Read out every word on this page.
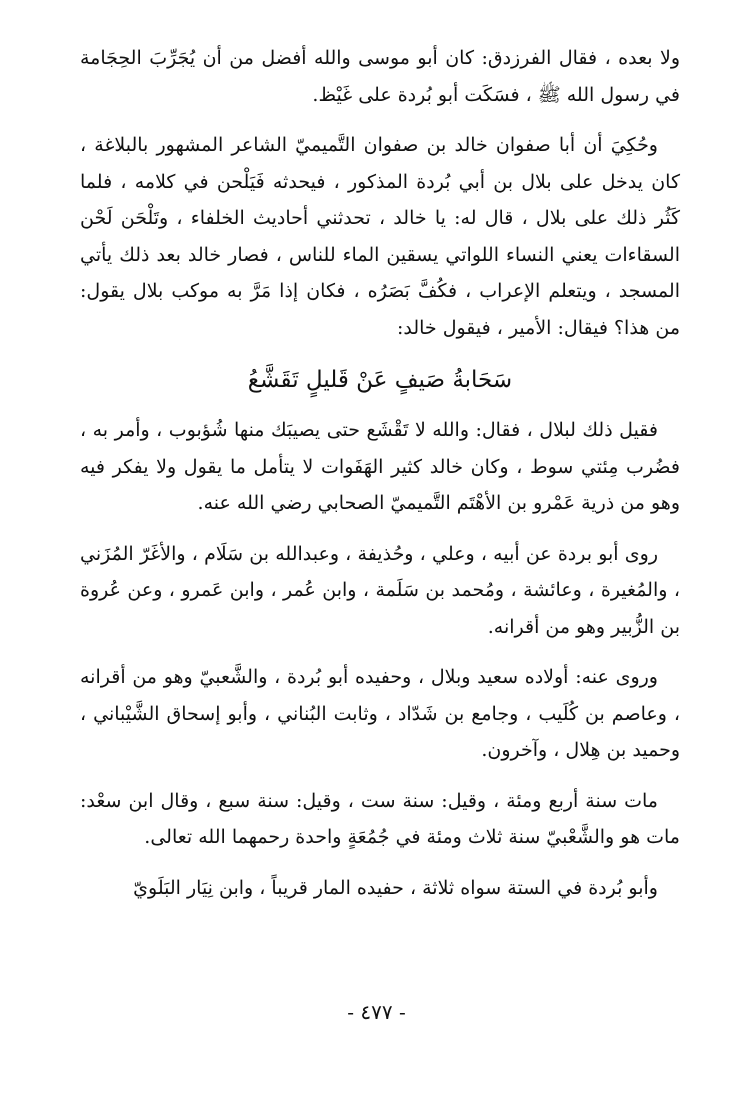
ولا بعده ، فقال الفرزدق: كان أبو موسى والله أفضل من أن يُجَرِّبَ الحِجَامة في رسول الله ﷺ ، فسَكَت أبو بُردة على غَيْظ.

وحُكِيَ أن أبا صفوان خالد بن صفوان التَّميميّ الشاعر المشهور بالبلاغة ، كان يدخل على بلال بن أبي بُردة المذكور ، فيحدثه فَيَلْحن في كلامه ، فلما كَثُر ذلك على بلال ، قال له: يا خالد ، تحدثني أحاديث الخلفاء ، وتَلْحَن لَحْن السقاءات يعني النساء اللواتي يسقين الماء للناس ، فصار خالد بعد ذلك يأتي المسجد ، ويتعلم الإعراب ، فكُفَّ بَصَرُه ، فكان إذا مَرَّ به موكب بلال يقول: من هذا؟ فيقال: الأمير ، فيقول خالد:

سَحَابةُ صَيفٍ عَنْ قَليلٍ تَقَشَّعُ

فقيل ذلك لبلال ، فقال: والله لا تَقْشَع حتى يصيبَك منها شُؤبوب ، وأمر به ، فضُرب مِئتي سوط ، وكان خالد كثير الهَفَوات لا يتأمل ما يقول ولا يفكر فيه وهو من ذرية عَمْرو بن الأهْتَم التَّميميّ الصحابي رضي الله عنه.

روى أبو بردة عن أبيه ، وعلي ، وحُذيفة ، وعبدالله بن سَلَام ، والأغَرّ المُزَني ، والمُغيرة ، وعائشة ، ومُحمد بن سَلَمة ، وابن عُمر ، وابن عَمرو ، وعن عُروة بن الزُّبير وهو من أقرانه.

وروى عنه: أولاده سعيد وبلال ، وحفيده أبو بُردة ، والشَّعبيّ وهو من أقرانه ، وعاصم بن كُلَيب ، وجامع بن شَدّاد ، وثابت البُناني ، وأبو إسحاق الشَّيْباني ، وحميد بن هِلال ، وآخرون.

مات سنة أربع ومئة ، وقيل: سنة ست ، وقيل: سنة سبع ، وقال ابن سعْد: مات هو والشَّعْبيّ سنة ثلاث ومئة في جُمُعَةٍ واحدة رحمهما الله تعالى.

وأبو بُردة في الستة سواه ثلاثة ، حفيده المار قريباً ، وابن نِيَار البَلَويّ

- ٤٧٧ -
